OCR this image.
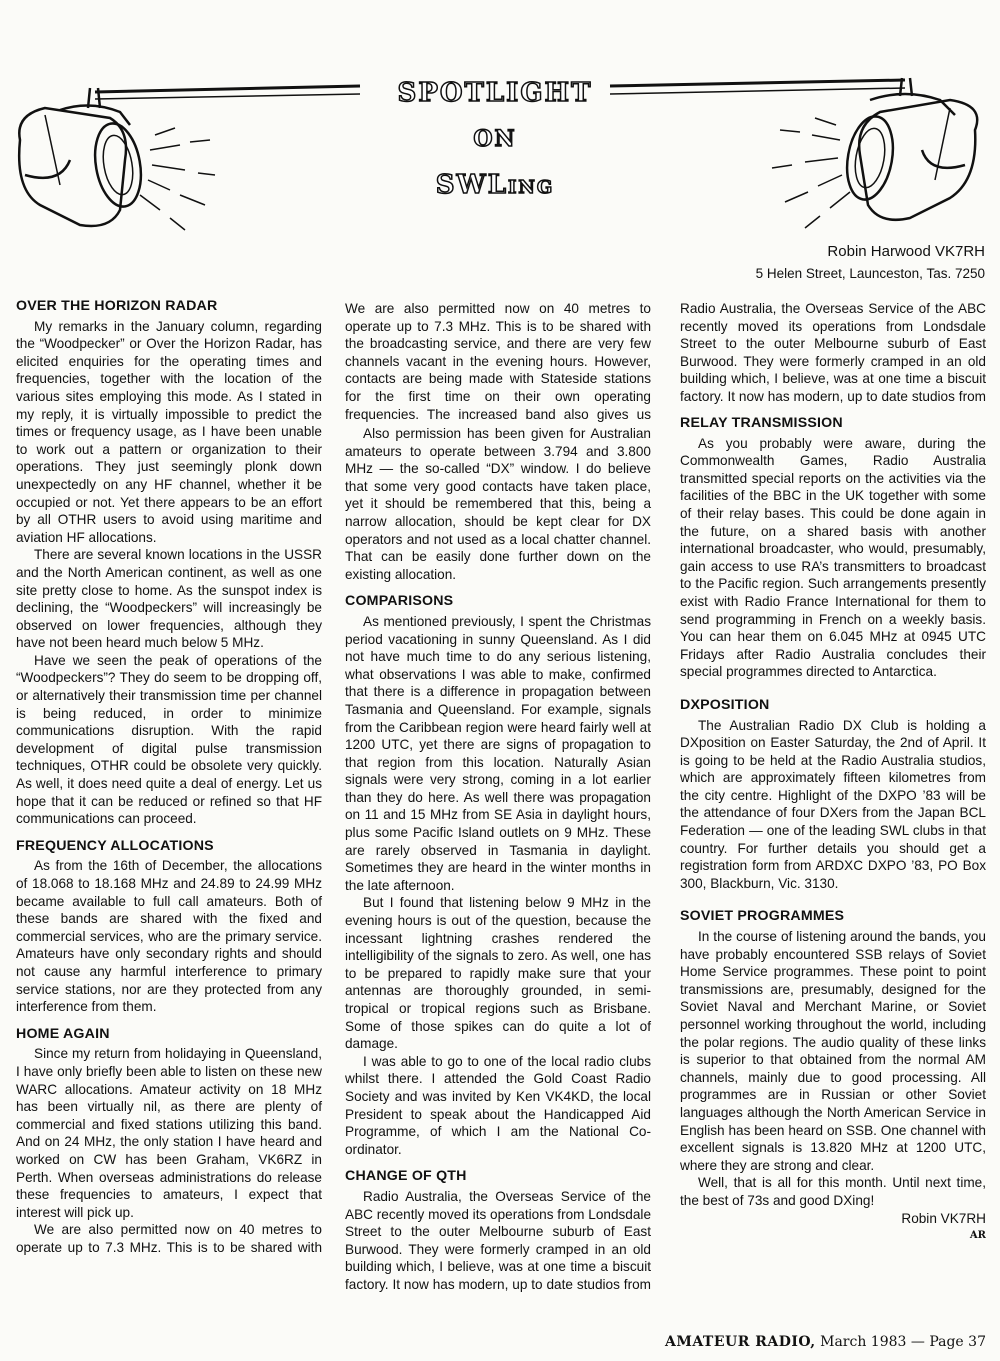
SPOTLIGHT
ON
SWLing
Robin Harwood VK7RH
5 Helen Street, Launceston, Tas. 7250
OVER THE HORIZON RADAR

My remarks in the January column, regarding the “Woodpecker” or Over the Horizon Radar, has elicited enquiries for the operating times and frequencies, together with the location of the various sites employing this mode. As I stated in my reply, it is virtually impossible to predict the times or frequency usage, as I have been unable to work out a pattern or organization to their operations. They just seemingly plonk down unexpectedly on any HF channel, whether it be occupied or not. Yet there appears to be an effort by all OTHR users to avoid using maritime and aviation HF allocations.

There are several known locations in the USSR and the North American continent, as well as one site pretty close to home. As the sunspot index is declining, the “Woodpeckers” will increasingly be observed on lower frequencies, although they have not been heard much below 5 MHz.

Have we seen the peak of operations of the “Woodpeckers”? They do seem to be dropping off, or alternatively their transmission time per channel is being reduced, in order to minimize communications disruption. With the rapid development of digital pulse transmission techniques, OTHR could be obsolete very quickly. As well, it does need quite a deal of energy. Let us hope that it can be reduced or refined so that HF communications can proceed.

FREQUENCY ALLOCATIONS

As from the 16th of December, the allocations of 18.068 to 18.168 MHz and 24.89 to 24.99 MHz became available to full call amateurs. Both of these bands are shared with the fixed and commercial services, who are the primary service. Amateurs have only secondary rights and should not cause any harmful interference to primary service stations, nor are they protected from any interference from them.

HOME AGAIN

Since my return from holidaying in Queensland, I have only briefly been able to listen on these new WARC allocations. Amateur activity on 18 MHz has been virtually nil, as there are plenty of commercial and fixed stations utilizing this band. And on 24 MHz, the only station I have heard and worked on CW has been Graham, VK6RZ in Perth. When overseas administrations do release these frequencies to amateurs, I expect that interest will pick up.

We are also permitted now on 40 metres to operate up to 7.3 MHz. This is to be shared with

We are also permitted now on 40 metres to operate up to 7.3 MHz. This is to be shared with the broadcasting service, and there are very few channels vacant in the evening hours. However, contacts are being made with Stateside stations for the first time on their own operating frequencies. The increased band also gives us

Also permission has been given for Australian amateurs to operate between 3.794 and 3.800 MHz — the so-called “DX” window. I do believe that some very good contacts have taken place, yet it should be remembered that this, being a narrow allocation, should be kept clear for DX operators and not used as a local chatter channel. That can be easily done further down on the existing allocation.

COMPARISONS

As mentioned previously, I spent the Christmas period vacationing in sunny Queensland. As I did not have much time to do any serious listening, what observations I was able to make, confirmed that there is a difference in propagation between Tasmania and Queensland. For example, signals from the Caribbean region were heard fairly well at 1200 UTC, yet there are signs of propagation to that region from this location. Naturally Asian signals were very strong, coming in a lot earlier than they do here. As well there was propagation on 11 and 15 MHz from SE Asia in daylight hours, plus some Pacific Island outlets on 9 MHz. These are rarely observed in Tasmania in daylight. Sometimes they are heard in the winter months in the late afternoon.

But I found that listening below 9 MHz in the evening hours is out of the question, because the incessant lightning crashes rendered the intelligibility of the signals to zero. As well, one has to be prepared to rapidly make sure that your antennas are thoroughly grounded, in semi-tropical or tropical regions such as Brisbane. Some of those spikes can do quite a lot of damage.

I was able to go to one of the local radio clubs whilst there. I attended the Gold Coast Radio Society and was invited by Ken VK4KD, the local President to speak about the Handicapped Aid Programme, of which I am the National Co-ordinator.

CHANGE OF QTH

Radio Australia, the Overseas Service of the ABC recently moved its operations from Londsdale Street to the outer Melbourne suburb of East Burwood. They were formerly cramped in an old building which, I believe, was at one time a biscuit factory. It now has modern, up to date studios from

Radio Australia, the Overseas Service of the ABC recently moved its operations from Londsdale Street to the outer Melbourne suburb of East Burwood. They were formerly cramped in an old building which, I believe, was at one time a biscuit factory. It now has modern, up to date studios from

RELAY TRANSMISSION

As you probably were aware, during the Commonwealth Games, Radio Australia transmitted special reports on the activities via the facilities of the BBC in the UK together with some of their relay bases. This could be done again in the future, on a shared basis with another international broadcaster, who would, presumably, gain access to use RA’s transmitters to broadcast to the Pacific region. Such arrangements presently exist with Radio France International for them to send programming in French on a weekly basis. You can hear them on 6.045 MHz at 0945 UTC Fridays after Radio Australia concludes their special programmes directed to Antarctica.

DXPOSITION

The Australian Radio DX Club is holding a DXposition on Easter Saturday, the 2nd of April. It is going to be held at the Radio Australia studios, which are approximately fifteen kilometres from the city centre. Highlight of the DXPO ’83 will be the attendance of four DXers from the Japan BCL Federation — one of the leading SWL clubs in that country. For further details you should get a registration form from ARDXC DXPO ’83, PO Box 300, Blackburn, Vic. 3130.

SOVIET PROGRAMMES

In the course of listening around the bands, you have probably encountered SSB relays of Soviet Home Service programmes. These point to point transmissions are, presumably, designed for the Soviet Naval and Merchant Marine, or Soviet personnel working throughout the world, including the polar regions. The audio quality of these links is superior to that obtained from the normal AM channels, mainly due to good processing. All programmes are in Russian or other Soviet languages although the North American Service in English has been heard on SSB. One channel with excellent signals is 13.820 MHz at 1200 UTC, where they are strong and clear.

Well, that is all for this month. Until next time, the best of 73s and good DXing!

Robin VK7RH

AR
AMATEUR RADIO, March 1983 — Page 37
